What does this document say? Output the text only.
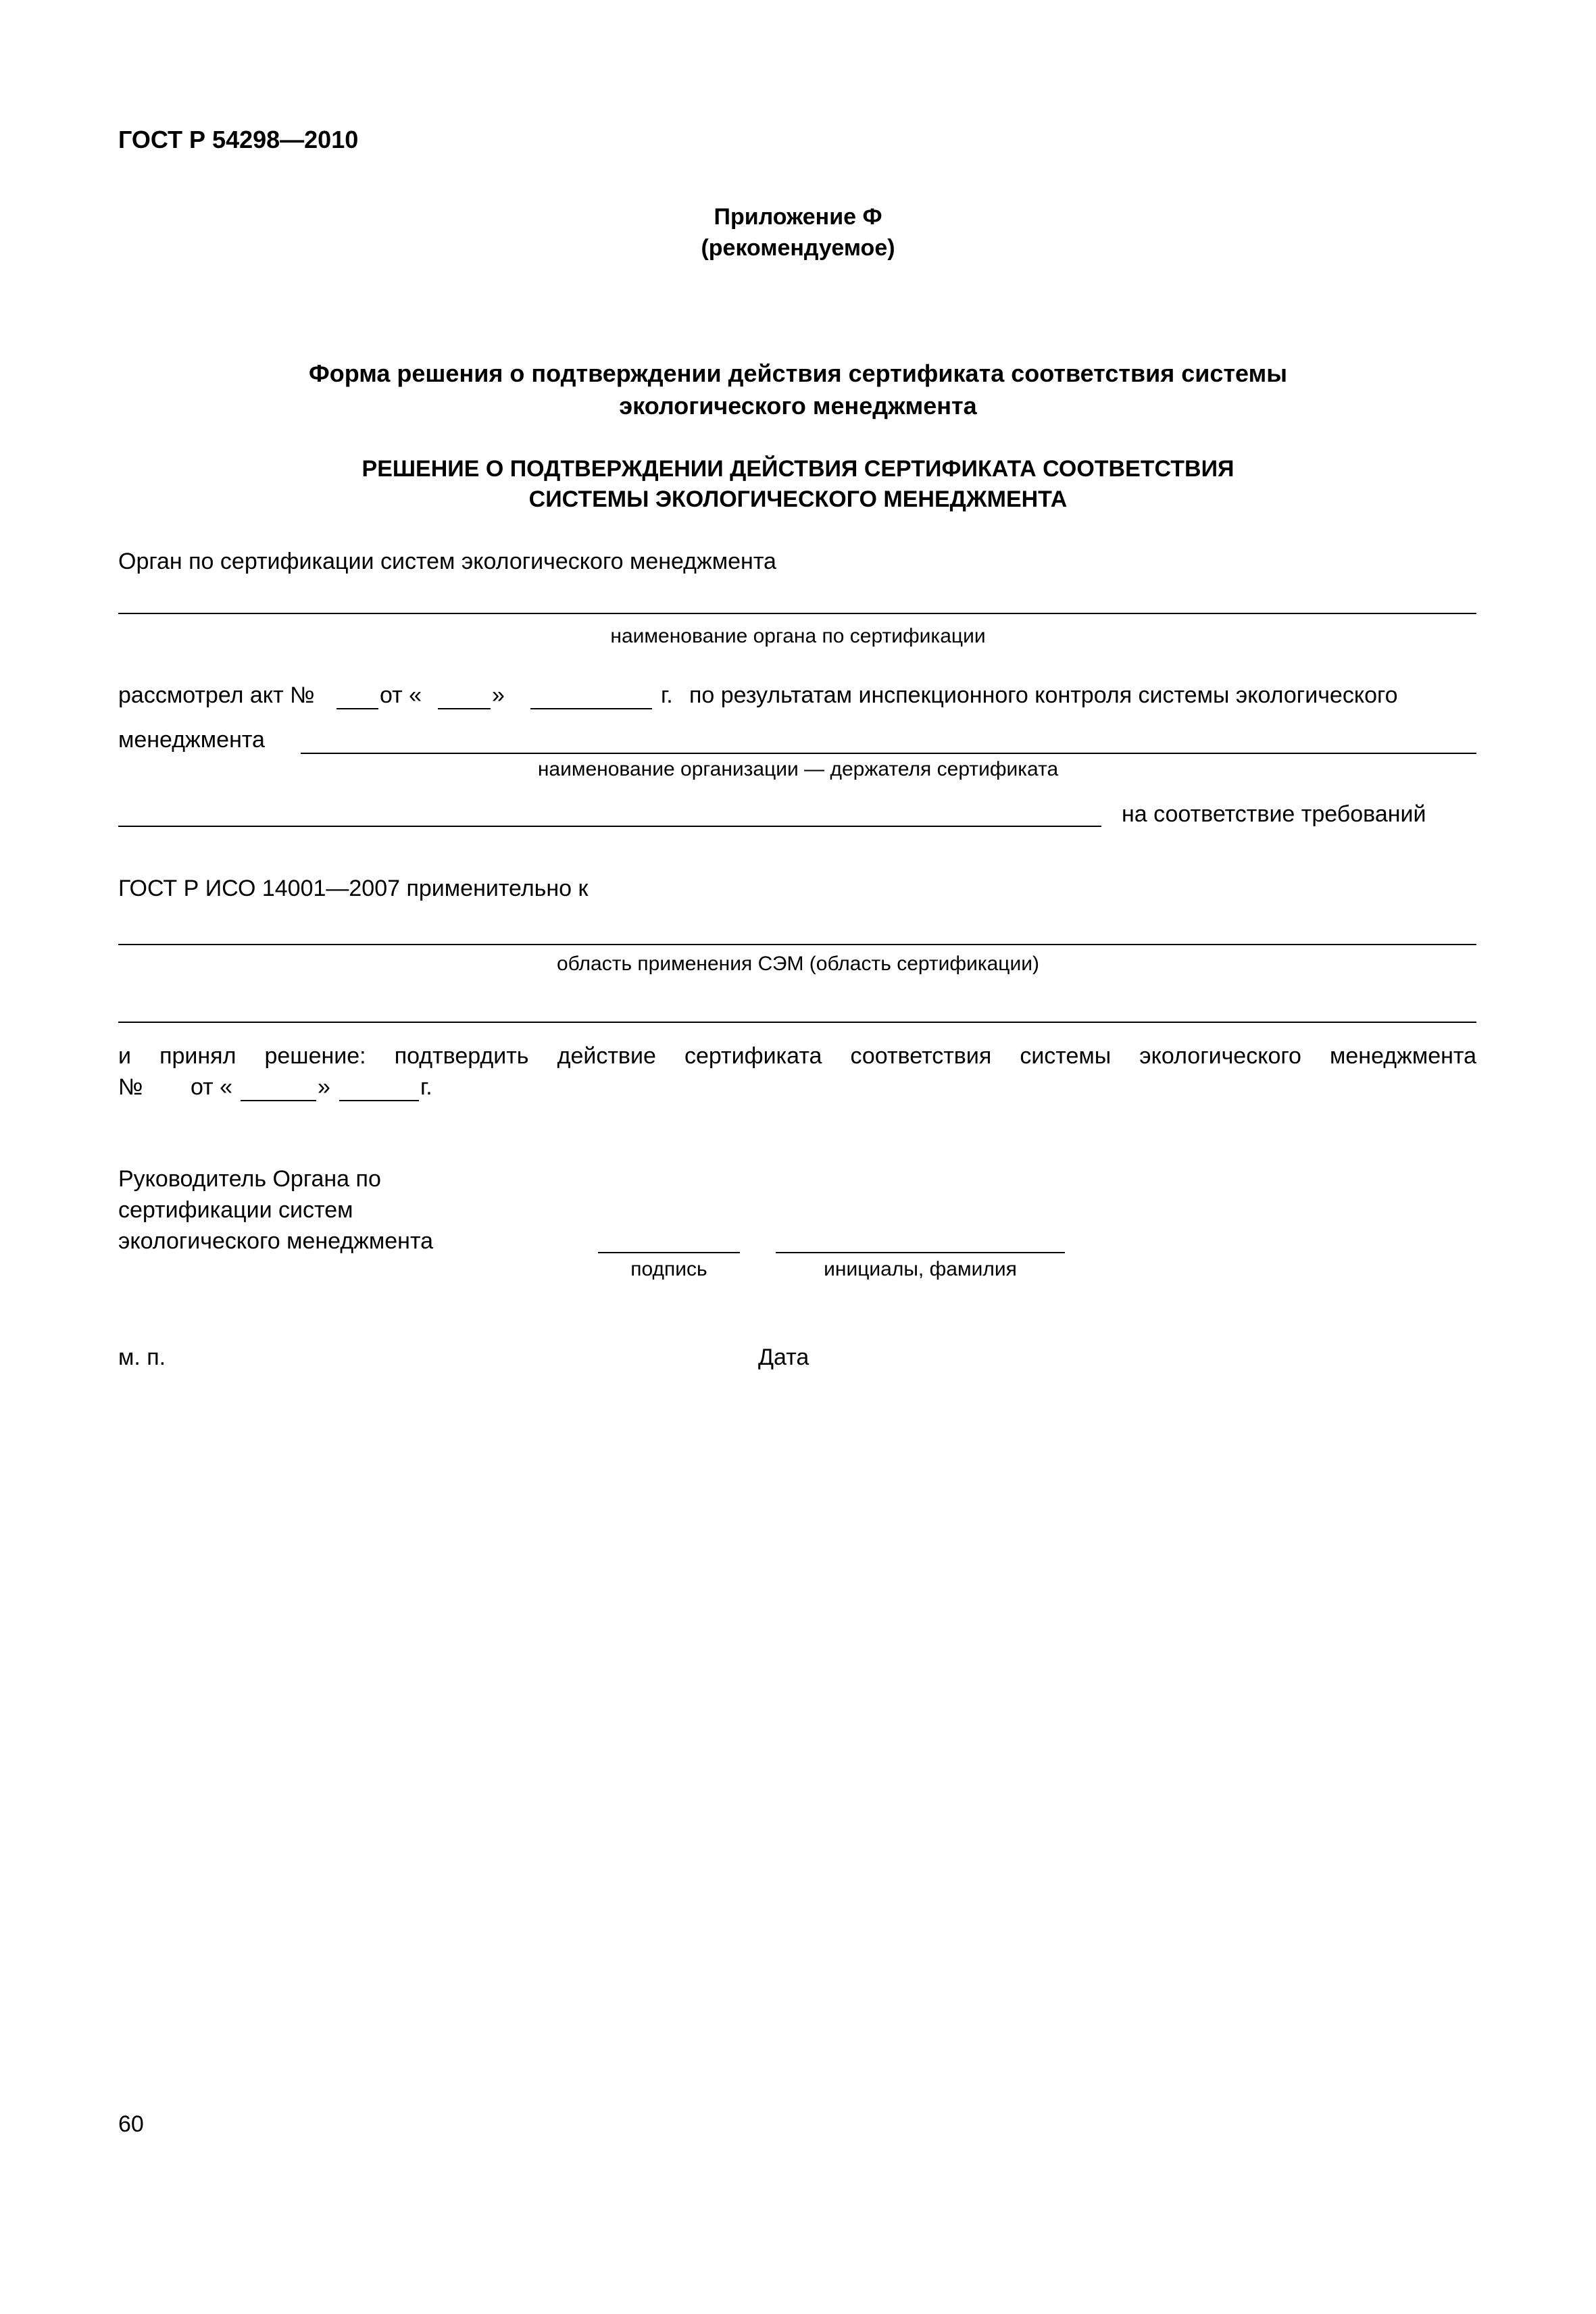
ГОСТ Р 54298—2010
Приложение Ф
(рекомендуемое)
Форма решения о подтверждении действия сертификата соответствия системы
экологического менеджмента
РЕШЕНИЕ О ПОДТВЕРЖДЕНИИ ДЕЙСТВИЯ СЕРТИФИКАТА СООТВЕТСТВИЯ
СИСТЕМЫ ЭКОЛОГИЧЕСКОГО МЕНЕДЖМЕНТА
Орган по сертификации систем экологического менеджмента
наименование органа по сертификации
рассмотрел акт №	от «	»	г. по результатам инспекционного контроля системы экологического
менеджмента
наименование организации — держателя сертификата
на соответствие требований
ГОСТ Р ИСО 14001—2007 применительно к
область применения СЭМ (область сертификации)
и принял решение: подтвердить действие сертификата соответствия системы экологического менеджмента
№ от «	»	г.
Руководитель Органа по
сертификации систем
экологического менеджмента
подпись	инициалы, фамилия
м. п.	Дата
60
